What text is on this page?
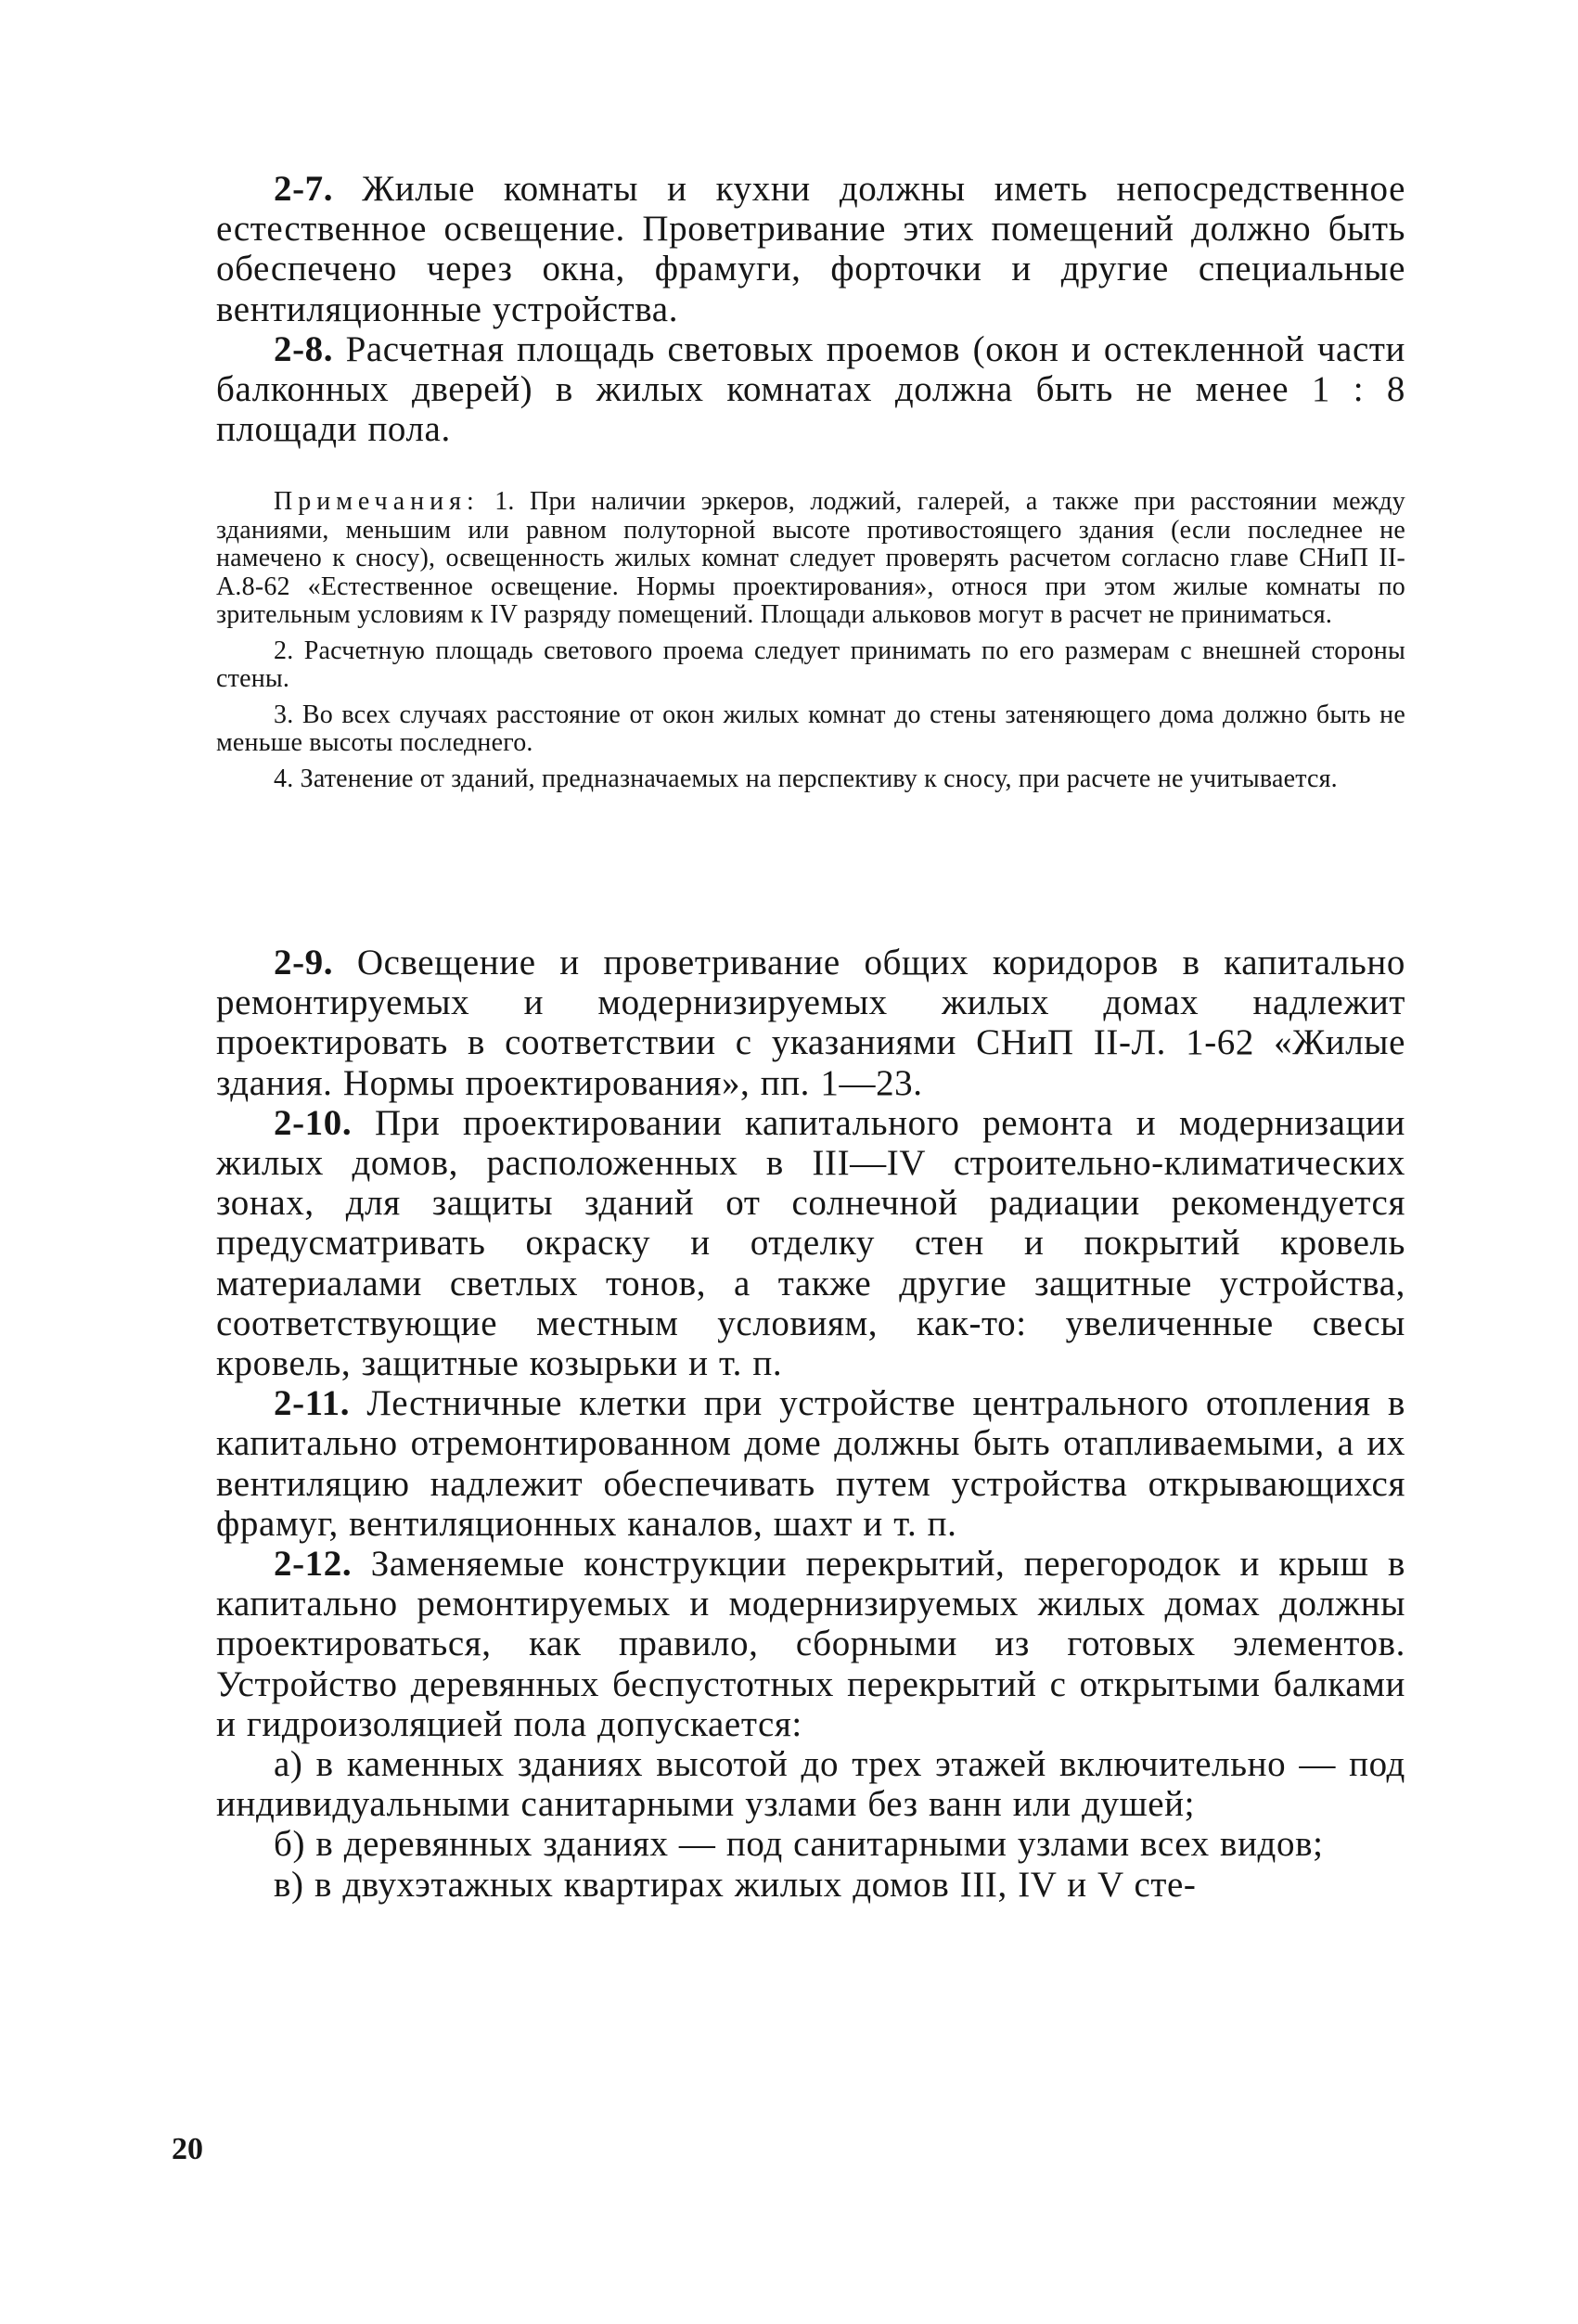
2-7. Жилые комнаты и кухни должны иметь непосредственное естественное освещение. Проветривание этих помещений должно быть обеспечено через окна, фрамуги, форточки и другие специальные вентиляционные устройства.

2-8. Расчетная площадь световых проемов (окон и остекленной части балконных дверей) в жилых комнатах должна быть не менее 1 : 8 площади пола.

Примечания: 1. При наличии эркеров, лоджий, галерей, а также при расстоянии между зданиями, меньшим или равном полуторной высоте противостоящего здания (если последнее не намечено к сносу), освещенность жилых комнат следует проверять расчетом согласно главе СНиП II-А.8-62 «Естественное освещение. Нормы проектирования», относя при этом жилые комнаты по зрительным условиям к IV разряду помещений. Площади альковов могут в расчет не приниматься.

2. Расчетную площадь светового проема следует принимать по его размерам с внешней стороны стены.

3. Во всех случаях расстояние от окон жилых комнат до стены затеняющего дома должно быть не меньше высоты последнего.

4. Затенение от зданий, предназначаемых на перспективу к сносу, при расчете не учитывается.

2-9. Освещение и проветривание общих коридоров в капитально ремонтируемых и модернизируемых жилых домах надлежит проектировать в соответствии с указаниями СНиП II-Л. 1-62 «Жилые здания. Нормы проектирования», пп. 1—23.

2-10. При проектировании капитального ремонта и модернизации жилых домов, расположенных в III—IV строительно-климатических зонах, для защиты зданий от солнечной радиации рекомендуется предусматривать окраску и отделку стен и покрытий кровель материалами светлых тонов, а также другие защитные устройства, соответствующие местным условиям, как-то: увеличенные свесы кровель, защитные козырьки и т. п.

2-11. Лестничные клетки при устройстве центрального отопления в капитально отремонтированном доме должны быть отапливаемыми, а их вентиляцию надлежит обеспечивать путем устройства открывающихся фрамуг, вентиляционных каналов, шахт и т. п.

2-12. Заменяемые конструкции перекрытий, перегородок и крыш в капитально ремонтируемых и модернизируемых жилых домах должны проектироваться, как правило, сборными из готовых элементов. Устройство деревянных беспустотных перекрытий с открытыми балками и гидроизоляцией пола допускается:

а) в каменных зданиях высотой до трех этажей включительно — под индивидуальными санитарными узлами без ванн или душей;

б) в деревянных зданиях — под санитарными узлами всех видов;

в) в двухэтажных квартирах жилых домов III, IV и V сте-

20
